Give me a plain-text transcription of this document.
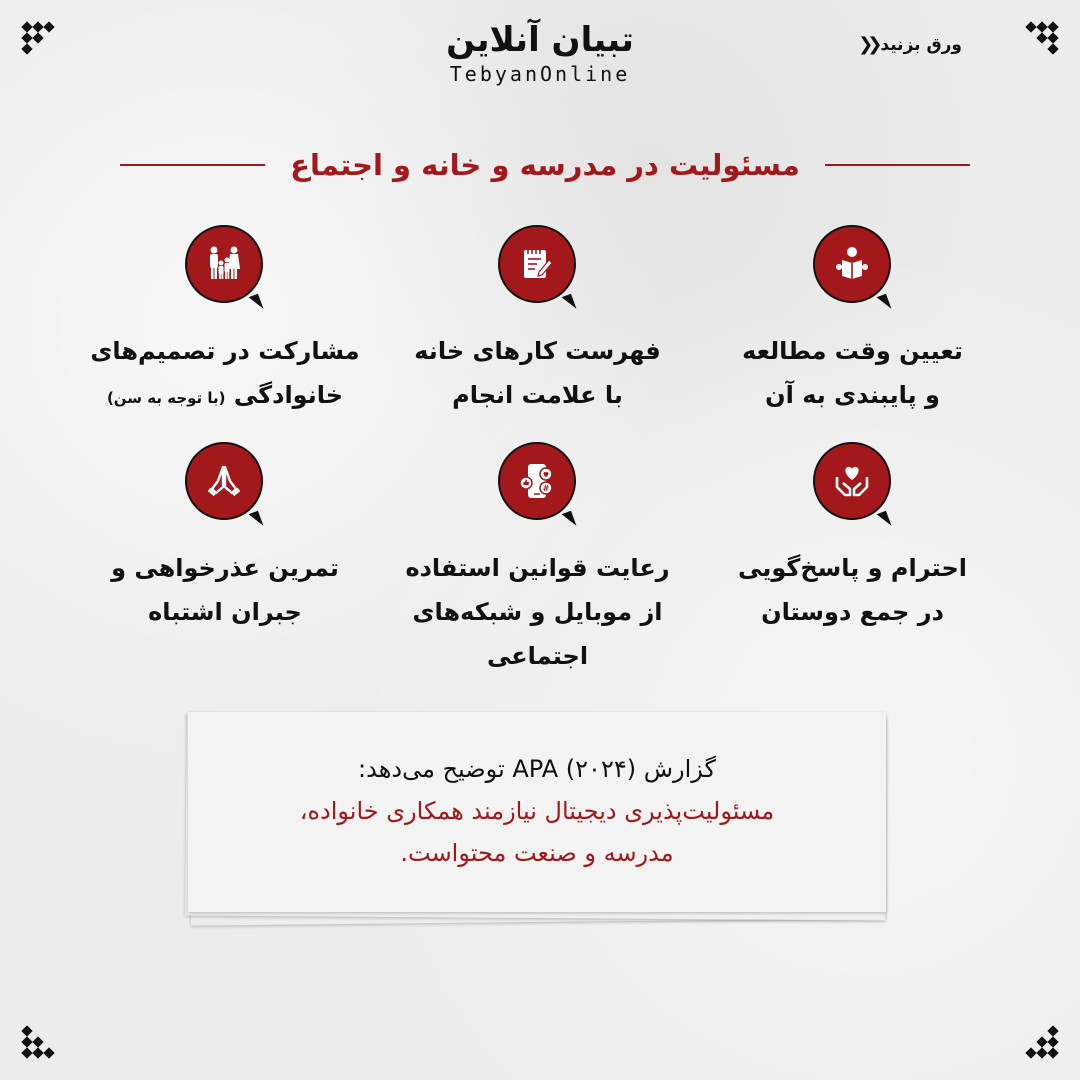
ورق بزنید
❮❮
تبیان آنلاین
TebyanOnline
مسئولیت در مدرسه و خانه و اجتماع
تعیین وقت مطالعه
و پایبندی به آن
فهرست کارهای خانه
با علامت انجام
مشارکت در تصمیم‌های
خانوادگی (با توجه به سن)
احترام و پاسخ‌گویی
در جمع دوستان
#
رعایت قوانین استفاده
از موبایل و شبکه‌های
اجتماعی
تمرین عذرخواهی و
جبران اشتباه
گزارش APA (۲۰۲۴) توضیح می‌دهد:
مسئولیت‌پذیری دیجیتال نیازمند همکاری خانواده،
مدرسه و صنعت محتواست.
